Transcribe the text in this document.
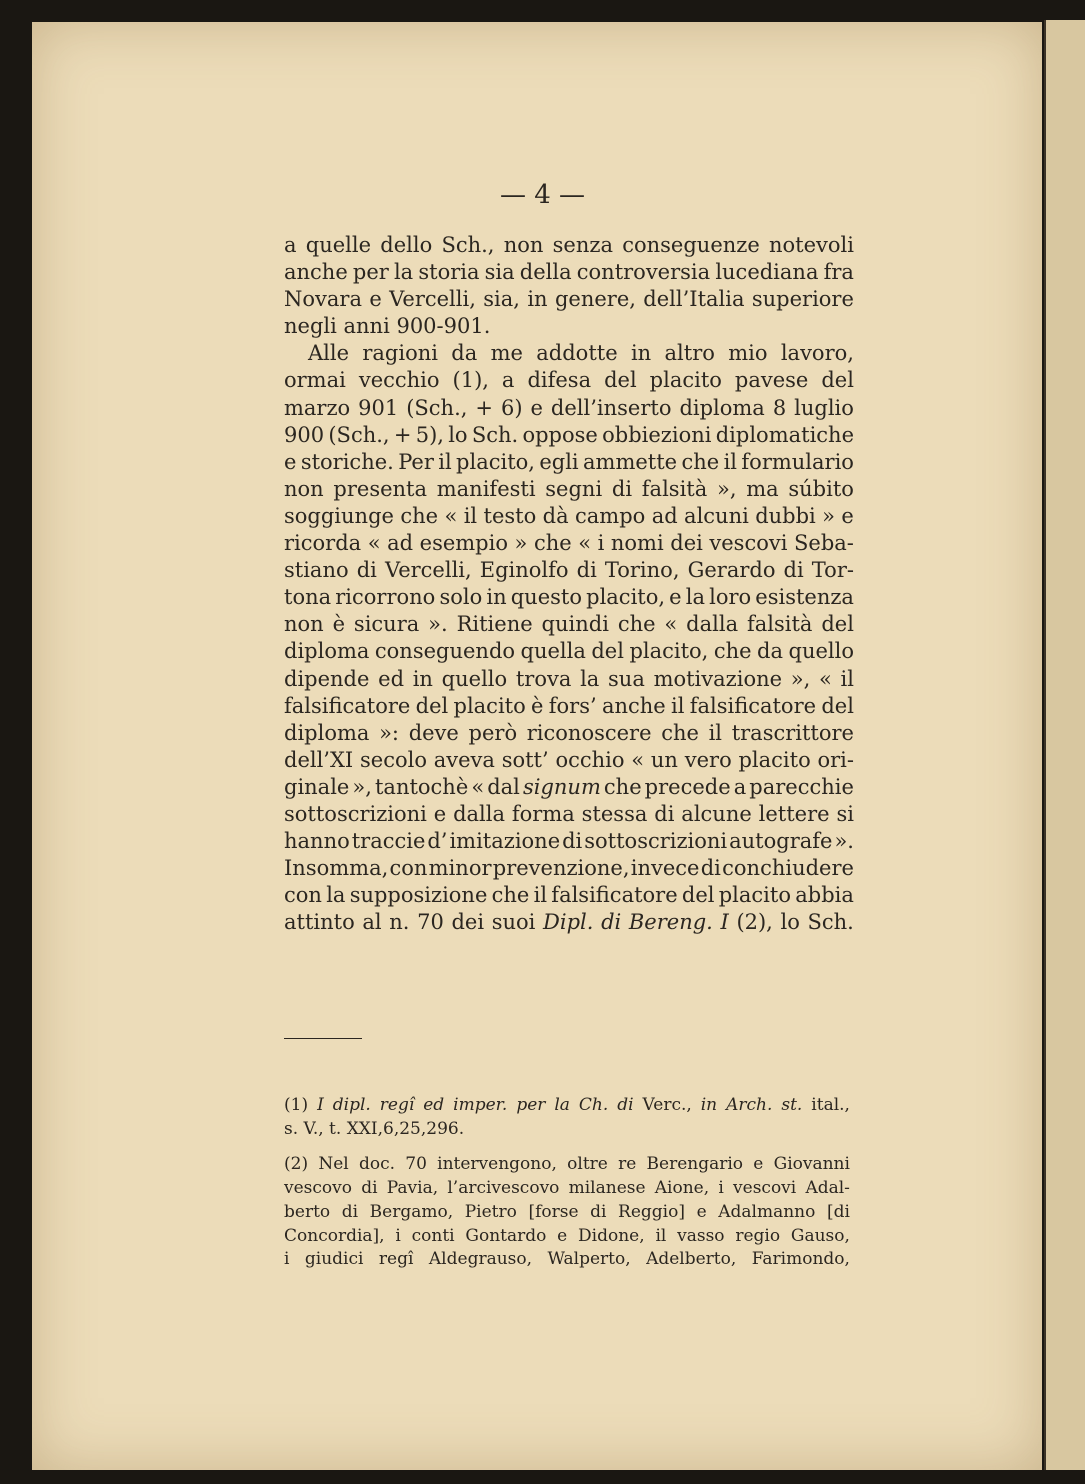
— 4 —
a quelle dello Sch., non senza conseguenze notevoli
anche per la storia sia della controversia lucediana fra
Novara e Vercelli, sia, in genere, dell’Italia superiore
negli anni 900-901.
Alle ragioni da me addotte in altro mio lavoro,
ormai vecchio (1), a difesa del placito pavese del
marzo 901 (Sch., + 6) e dell’inserto diploma 8 luglio
900 (Sch., + 5), lo Sch. oppose obbiezioni diplomatiche
e storiche. Per il placito, egli ammette che il formulario
non presenta manifesti segni di falsità », ma súbito
soggiunge che « il testo dà campo ad alcuni dubbi » e
ricorda « ad esempio » che « i nomi dei vescovi Seba-
stiano di Vercelli, Eginolfo di Torino, Gerardo di Tor-
tona ricorrono solo in questo placito, e la loro esistenza
non è sicura ». Ritiene quindi che « dalla falsità del
diploma conseguendo quella del placito, che da quello
dipende ed in quello trova la sua motivazione », « il
falsificatore del placito è fors’ anche il falsificatore del
diploma »: deve però riconoscere che il trascrittore
dell’XI secolo aveva sott’ occhio « un vero placito ori-
ginale », tantochè « dal signum che precede a parecchie
sottoscrizioni e dalla forma stessa di alcune lettere si
hanno traccie d’ imitazione di sottoscrizioni autografe ».
Insomma, con minor prevenzione, invece di conchiudere
con la supposizione che il falsificatore del placito abbia
attinto al n. 70 dei suoi Dipl. di Bereng. I (2), lo Sch.
(1) I dipl. regî ed imper. per la Ch. di Verc., in Arch. st. ital.,
s. V., t. XXI,6,25,296.
(2) Nel doc. 70 intervengono, oltre re Berengario e Giovanni
vescovo di Pavia, l’arcivescovo milanese Aione, i vescovi Adal-
berto di Bergamo, Pietro [forse di Reggio] e Adalmanno [di
Concordia], i conti Gontardo e Didone, il vasso regio Gauso,
i giudici regî Aldegrauso, Walperto, Adelberto, Farimondo,
